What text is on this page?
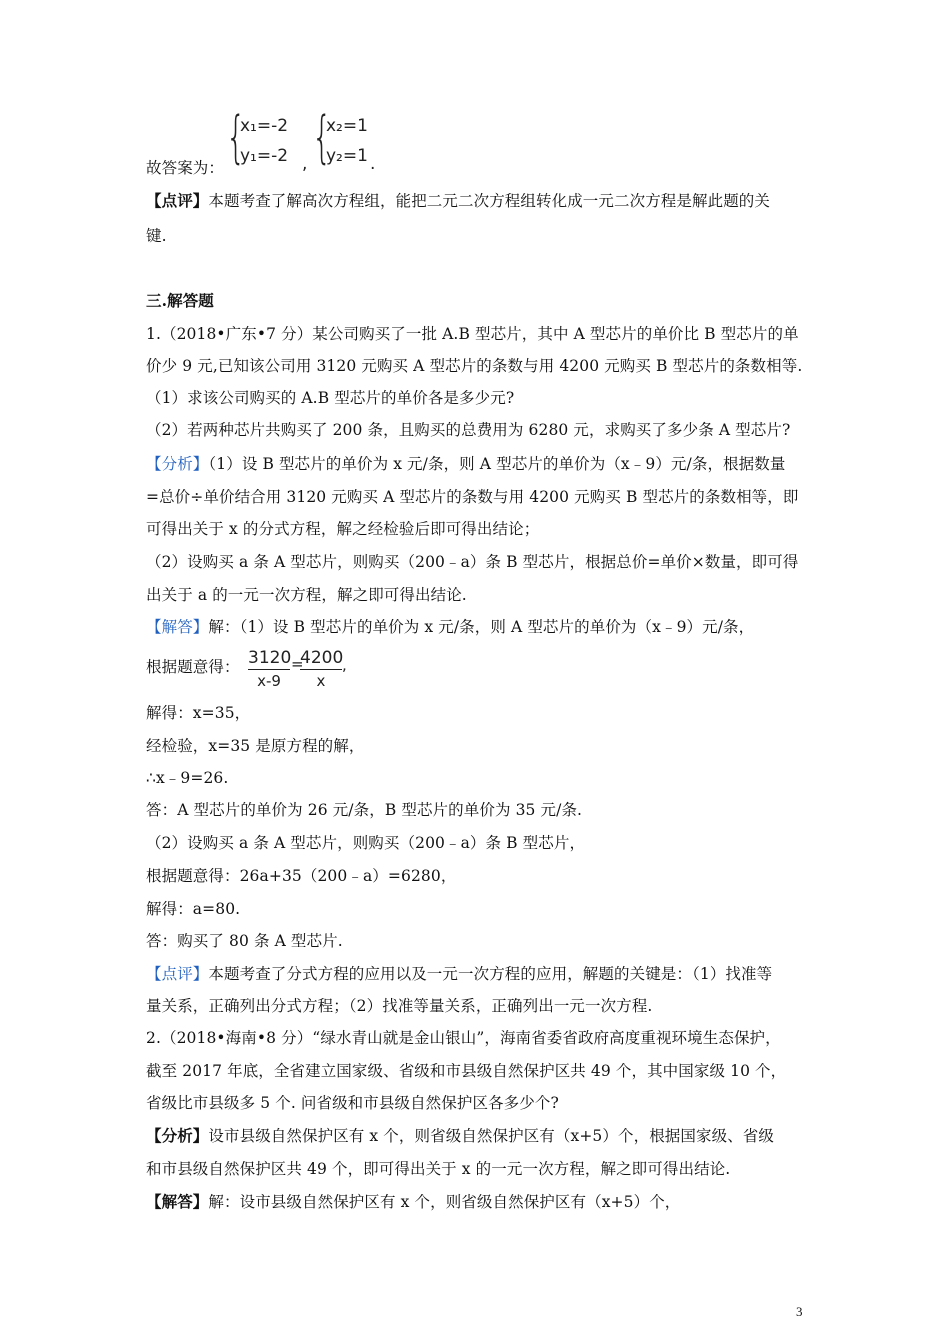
故答案为： {
x₁=-2
y₁=-2 , {
x₂=1
y₂=1 .
【点评】本题考查了解高次方程组，能把二元二次方程组转化成一元二次方程是解此题的关
键.
三.解答题
1.（2018•广东•7 分）某公司购买了一批 A.B 型芯片，其中 A 型芯片的单价比 B 型芯片的单
价少 9 元,已知该公司用 3120 元购买 A 型芯片的条数与用 4200 元购买 B 型芯片的条数相等.
（1）求该公司购买的 A.B 型芯片的单价各是多少元?
（2）若两种芯片共购买了 200 条，且购买的总费用为 6280 元，求购买了多少条 A 型芯片?
【分析】（1）设 B 型芯片的单价为 x 元/条，则 A 型芯片的单价为（x﹣9）元/条，根据数量
=总价÷单价结合用 3120 元购买 A 型芯片的条数与用 4200 元购买 B 型芯片的条数相等，即
可得出关于 x 的分式方程，解之经检验后即可得出结论；
（2）设购买 a 条 A 型芯片，则购买（200﹣a）条 B 型芯片，根据总价=单价×数量，即可得
出关于 a 的一元一次方程，解之即可得出结论.
【解答】解：（1）设 B 型芯片的单价为 x 元/条，则 A 型芯片的单价为（x﹣9）元/条，
根据题意得： 3120
x-9
=
4200
x
,
解得：x=35，
经检验，x=35 是原方程的解，
∴x﹣9=26.
答：A 型芯片的单价为 26 元/条，B 型芯片的单价为 35 元/条.
（2）设购买 a 条 A 型芯片，则购买（200﹣a）条 B 型芯片，
根据题意得：26a+35（200﹣a）=6280，
解得：a=80.
答：购买了 80 条 A 型芯片.
【点评】本题考查了分式方程的应用以及一元一次方程的应用，解题的关键是：（1）找准等
量关系，正确列出分式方程；（2）找准等量关系，正确列出一元一次方程.
2.（2018•海南•8 分）“绿水青山就是金山银山”，海南省委省政府高度重视环境生态保护，
截至 2017 年底，全省建立国家级、省级和市县级自然保护区共 49 个，其中国家级 10 个，
省级比市县级多 5 个. 问省级和市县级自然保护区各多少个?
【分析】设市县级自然保护区有 x 个，则省级自然保护区有（x+5）个，根据国家级、省级
和市县级自然保护区共 49 个，即可得出关于 x 的一元一次方程，解之即可得出结论.
【解答】解：设市县级自然保护区有 x 个，则省级自然保护区有（x+5）个，
3
